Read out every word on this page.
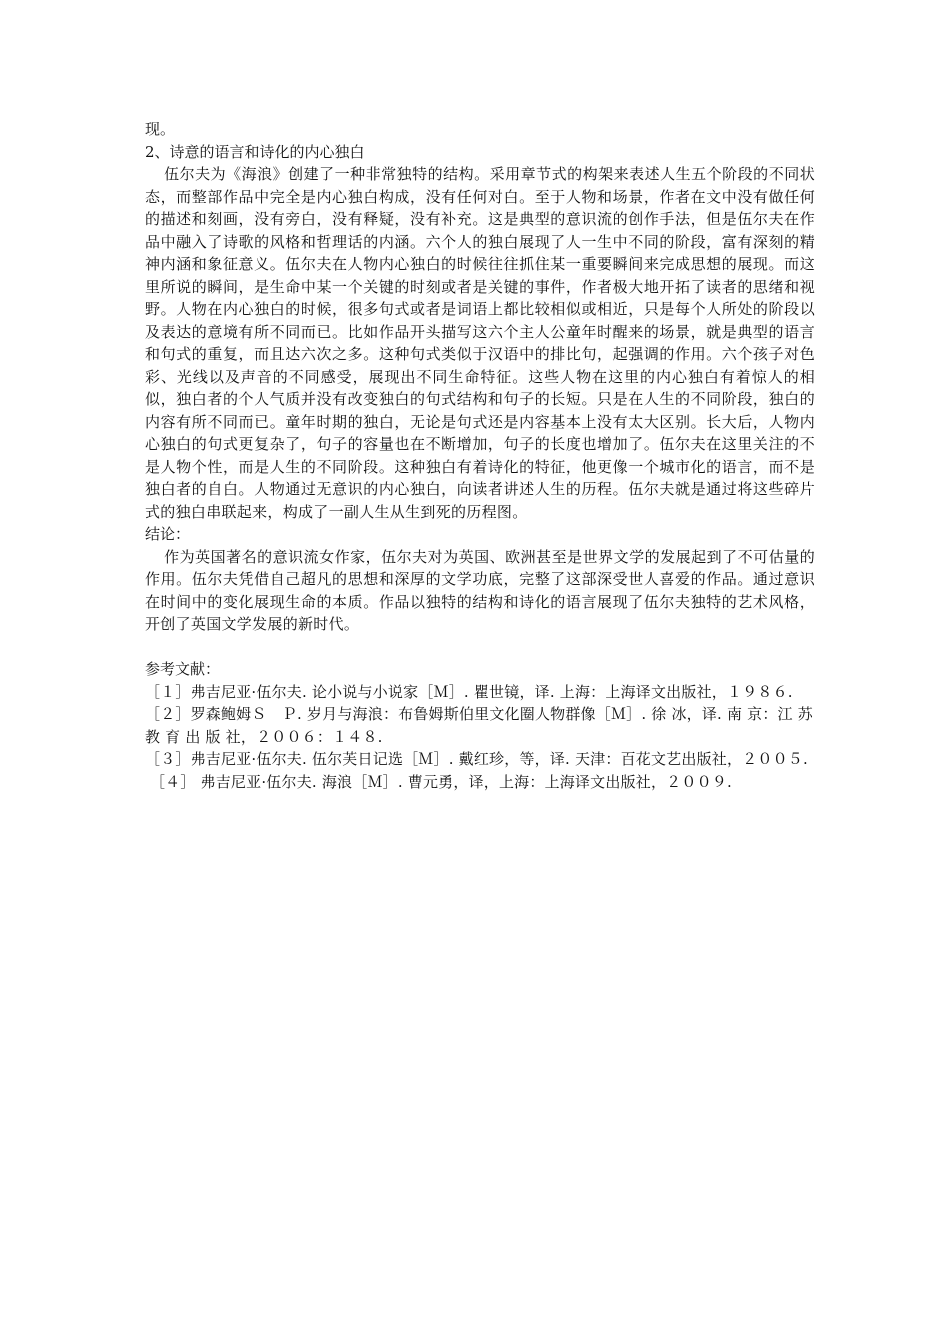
现。

2、诗意的语言和诗化的内心独白

伍尔夫为《海浪》创建了一种非常独特的结构。采用章节式的构架来表述人生五个阶段的不同状态，而整部作品中完全是内心独白构成，没有任何对白。至于人物和场景，作者在文中没有做任何的描述和刻画，没有旁白，没有释疑，没有补充。这是典型的意识流的创作手法，但是伍尔夫在作品中融入了诗歌的风格和哲理话的内涵。六个人的独白展现了人一生中不同的阶段，富有深刻的精神内涵和象征意义。伍尔夫在人物内心独白的时候往往抓住某一重要瞬间来完成思想的展现。而这里所说的瞬间，是生命中某一个关键的时刻或者是关键的事件，作者极大地开拓了读者的思绪和视野。人物在内心独白的时候，很多句式或者是词语上都比较相似或相近，只是每个人所处的阶段以及表达的意境有所不同而已。比如作品开头描写这六个主人公童年时醒来的场景，就是典型的语言和句式的重复，而且达六次之多。这种句式类似于汉语中的排比句，起强调的作用。六个孩子对色彩、光线以及声音的不同感受，展现出不同生命特征。这些人物在这里的内心独白有着惊人的相似，独白者的个人气质并没有改变独白的句式结构和句子的长短。只是在人生的不同阶段，独白的内容有所不同而已。童年时期的独白，无论是句式还是内容基本上没有太大区别。长大后，人物内心独白的句式更复杂了，句子的容量也在不断增加，句子的长度也增加了。伍尔夫在这里关注的不是人物个性，而是人生的不同阶段。这种独白有着诗化的特征，他更像一个城市化的语言，而不是独白者的自白。人物通过无意识的内心独白，向读者讲述人生的历程。伍尔夫就是通过将这些碎片式的独白串联起来，构成了一副人生从生到死的历程图。

结论：

作为英国著名的意识流女作家，伍尔夫对为英国、欧洲甚至是世界文学的发展起到了不可估量的作用。伍尔夫凭借自己超凡的思想和深厚的文学功底，完整了这部深受世人喜爱的作品。通过意识在时间中的变化展现生命的本质。作品以独特的结构和诗化的语言展现了伍尔夫独特的艺术风格，开创了英国文学发展的新时代。

参考文献：

［１］弗吉尼亚·伍尔夫. 论小说与小说家［Ｍ］. 瞿世镜，译. 上海：上海译文出版社，１９８６.

［２］罗森鲍姆Ｓ　Ｐ. 岁月与海浪：布鲁姆斯伯里文化圈人物群像［Ｍ］. 徐 冰，译. 南 京：江 苏 教 育 出 版 社，２００６：１４８.

［３］弗吉尼亚·伍尔夫. 伍尔芙日记选［Ｍ］. 戴红珍，等，译. 天津：百花文艺出版社，２００５.

［４］ 弗吉尼亚·伍尔夫. 海浪［Ｍ］. 曹元勇，译，上海：上海译文出版社，２００９.
